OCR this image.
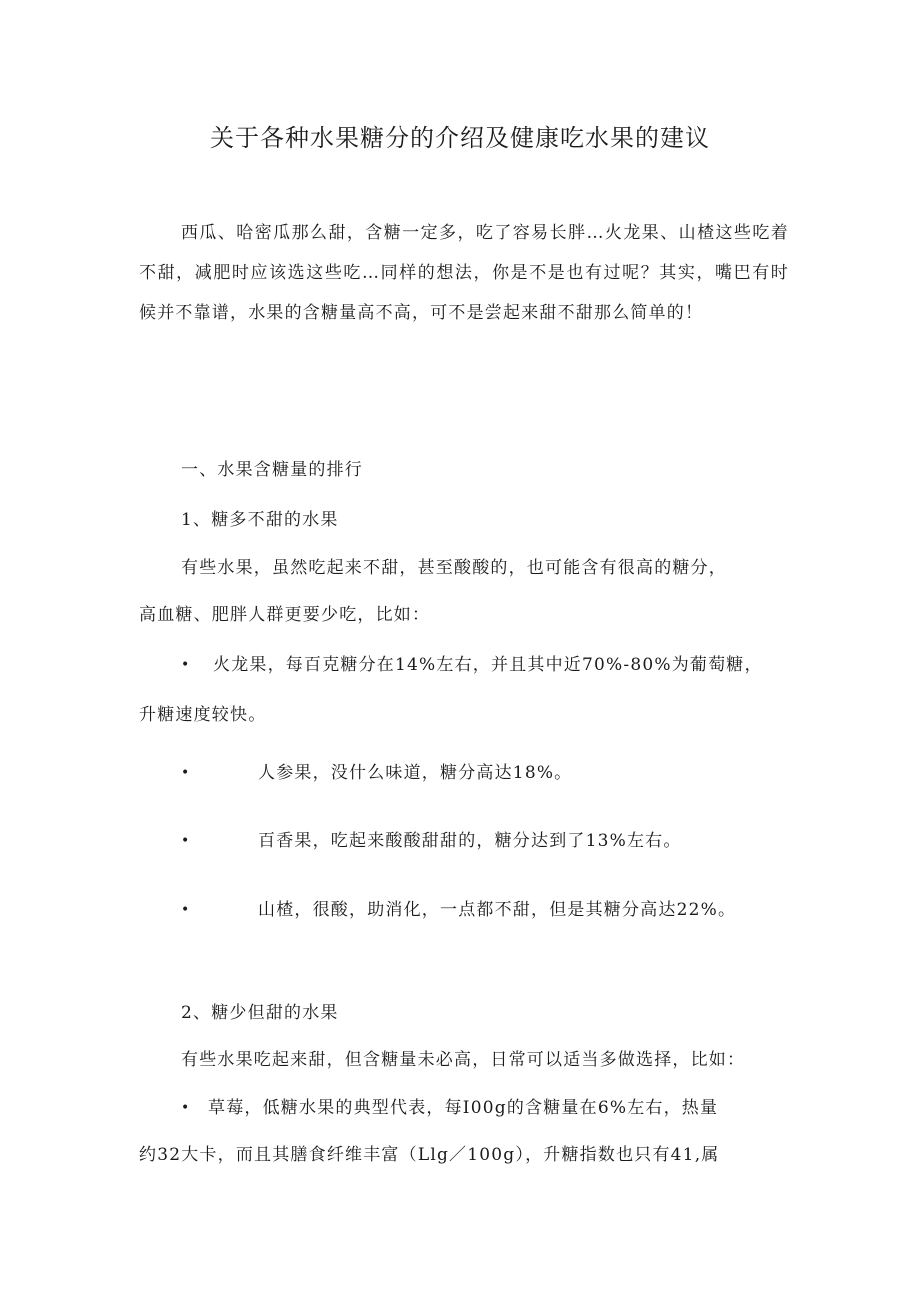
关于各种水果糖分的介绍及健康吃水果的建议
西瓜、哈密瓜那么甜，含糖一定多，吃了容易长胖…火龙果、山楂这些吃着不甜，减肥时应该选这些吃…同样的想法，你是不是也有过呢？其实，嘴巴有时候并不靠谱，水果的含糖量高不高，可不是尝起来甜不甜那么简单的！
一、水果含糖量的排行
1、糖多不甜的水果
有些水果，虽然吃起来不甜，甚至酸酸的，也可能含有很高的糖分，
高血糖、肥胖人群更要少吃，比如：
• 火龙果，每百克糖分在14%左右，并且其中近70%-80%为葡萄糖，
升糖速度较快。
•	人参果，没什么味道，糖分高达18%。
•	百香果，吃起来酸酸甜甜的，糖分达到了13%左右。
•	山楂，很酸，助消化，一点都不甜，但是其糖分高达22%。
2、糖少但甜的水果
有些水果吃起来甜，但含糖量未必高，日常可以适当多做选择，比如：
• 草莓，低糖水果的典型代表，每I00g的含糖量在6%左右，热量
约32大卡，而且其膳食纤维丰富（Llg／100g），升糖指数也只有41,属
